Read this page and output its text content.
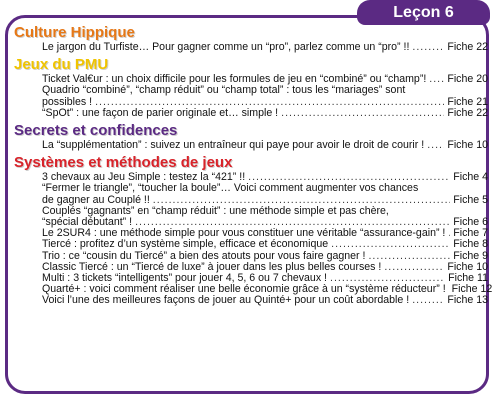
Leçon 6
Culture Hippique
Le jargon du Turfiste… Pour gagner comme un “pro”, parlez comme un “pro” !! .....	Fiche 22
Jeux du PMU
Ticket Val€ur : un choix difficile pour les formules de jeu en “combiné” ou “champ”! ..... Fiche 20
Quadrio “combiné”, “champ réduit” ou “champ total” : tous les “mariages” sont
possibles ! .....	Fiche 21
“SpOt” : une façon de parier originale et… simple ! .....	Fiche 22
Secrets et confidences
La “supplémentation” : suivez un entraîneur qui paye pour avoir le droit de courir ! ..... Fiche 10
Systèmes et méthodes de jeux
3 chevaux au Jeu Simple : testez la “421” !! .....	Fiche 4
“Fermer le triangle”, “toucher la boule”… Voici comment augmenter vos chances
de gagner au Couplé !! .....	Fiche 5
Couplés “gagnants” en “champ réduit” : une méthode simple et pas chère,
“spécial débutant” ! .....	Fiche 6
Le 2SUR4 : une méthode simple pour vous constituer une véritable “assurance-gain” ! ..... Fiche 7
Tiercé : profitez d’un système simple, efficace et économique .....	Fiche 8
Trio : ce “cousin du Tiercé” a bien des atouts pour vous faire gagner ! .....	Fiche 9
Classic Tiercé : un “Tiercé de luxe” à jouer dans les plus belles courses ! .....	Fiche 10
Multi : 3 tickets “intelligents” pour jouer 4, 5, 6 ou 7 chevaux ! .....	Fiche 11
Quarté+ : voici comment réaliser une belle économie grâce à un “système réducteur” ! Fiche 12
Voici l’une des meilleures façons de jouer au Quinté+ pour un coût abordable ! .....	Fiche 13
